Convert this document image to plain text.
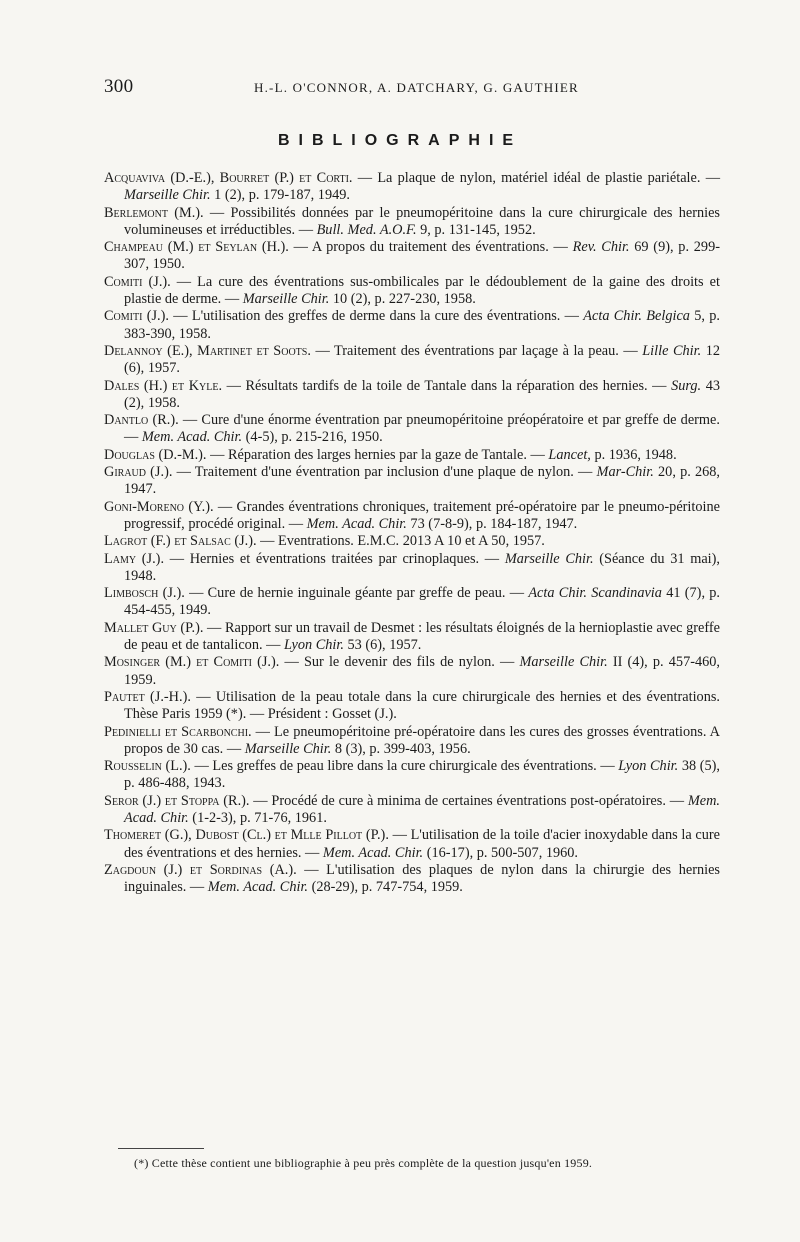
300	H.-L. O'CONNOR, A. DATCHARY, G. GAUTHIER
BIBLIOGRAPHIE

Acquaviva (D.-E.), Bourret (P.) et Corti. — La plaque de nylon, matériel idéal de plastie pariétale. — Marseille Chir. 1 (2), p. 179-187, 1949.

Berlemont (M.). — Possibilités données par le pneumopéritoine dans la cure chirurgicale des hernies volumineuses et irréductibles. — Bull. Med. A.O.F. 9, p. 131-145, 1952.

Champeau (M.) et Seylan (H.). — A propos du traitement des éventrations. — Rev. Chir. 69 (9), p. 299-307, 1950.

Comiti (J.). — La cure des éventrations sus-ombilicales par le dédoublement de la gaine des droits et plastie de derme. — Marseille Chir. 10 (2), p. 227-230, 1958.

Comiti (J.). — L'utilisation des greffes de derme dans la cure des éventrations. — Acta Chir. Belgica 5, p. 383-390, 1958.

Delannoy (E.), Martinet et Soots. — Traitement des éventrations par laçage à la peau. — Lille Chir. 12 (6), 1957.

Dales (H.) et Kyle. — Résultats tardifs de la toile de Tantale dans la réparation des hernies. — Surg. 43 (2), 1958.

Dantlo (R.). — Cure d'une énorme éventration par pneumopéritoine préopératoire et par greffe de derme. — Mem. Acad. Chir. (4-5), p. 215-216, 1950.

Douglas (D.-M.). — Réparation des larges hernies par la gaze de Tantale. — Lancet, p. 1936, 1948.

Giraud (J.). — Traitement d'une éventration par inclusion d'une plaque de nylon. — Mar-Chir. 20, p. 268, 1947.

Goni-Moreno (Y.). — Grandes éventrations chroniques, traitement pré-opératoire par le pneumo-péritoine progressif, procédé original. — Mem. Acad. Chir. 73 (7-8-9), p. 184-187, 1947.

Lagrot (F.) et Salsac (J.). — Eventrations. E.M.C. 2013 A 10 et A 50, 1957.

Lamy (J.). — Hernies et éventrations traitées par crinoplaques. — Marseille Chir. (Séance du 31 mai), 1948.

Limbosch (J.). — Cure de hernie inguinale géante par greffe de peau. — Acta Chir. Scandinavia 41 (7), p. 454-455, 1949.

Mallet Guy (P.). — Rapport sur un travail de Desmet : les résultats éloignés de la hernioplastie avec greffe de peau et de tantalicon. — Lyon Chir. 53 (6), 1957.

Mosinger (M.) et Comiti (J.). — Sur le devenir des fils de nylon. — Marseille Chir. II (4), p. 457-460, 1959.

Pautet (J.-H.). — Utilisation de la peau totale dans la cure chirurgicale des hernies et des éventrations. Thèse Paris 1959 (*). — Président : Gosset (J.).

Pedinielli et Scarbonchi. — Le pneumopéritoine pré-opératoire dans les cures des grosses éventrations. A propos de 30 cas. — Marseille Chir. 8 (3), p. 399-403, 1956.

Rousselin (L.). — Les greffes de peau libre dans la cure chirurgicale des éventrations. — Lyon Chir. 38 (5), p. 486-488, 1943.

Seror (J.) et Stoppa (R.). — Procédé de cure à minima de certaines éventrations post-opératoires. — Mem. Acad. Chir. (1-2-3), p. 71-76, 1961.

Thomeret (G.), Dubost (Cl.) et Mlle Pillot (P.). — L'utilisation de la toile d'acier inoxydable dans la cure des éventrations et des hernies. — Mem. Acad. Chir. (16-17), p. 500-507, 1960.

Zagdoun (J.) et Sordinas (A.). — L'utilisation des plaques de nylon dans la chirurgie des hernies inguinales. — Mem. Acad. Chir. (28-29), p. 747-754, 1959.

(*) Cette thèse contient une bibliographie à peu près complète de la question jusqu'en 1959.
